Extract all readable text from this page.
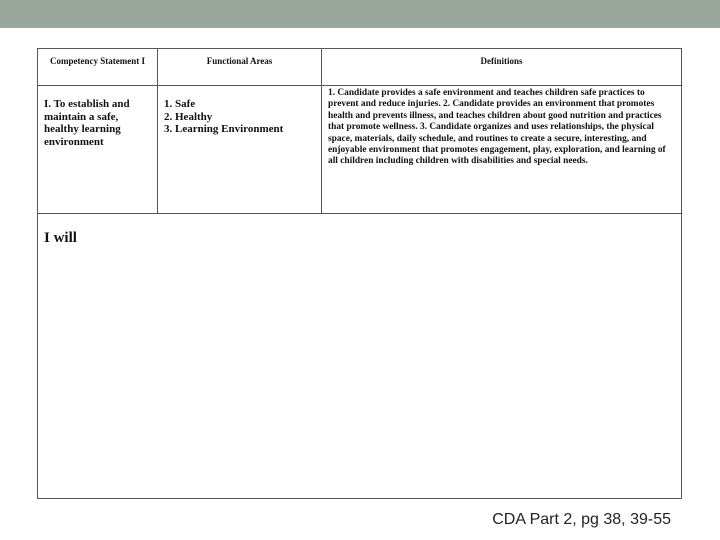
Competency Statement I	Functional Areas	Definitions
I. To establish and maintain a safe, healthy learning environment
1. Safe
2. Healthy
3. Learning Environment

1. Candidate provides a safe environment and teaches children safe practices to prevent and reduce injuries. 2. Candidate provides an environment that promotes health and prevents illness, and teaches children about good nutrition and practices that promote wellness. 3. Candidate organizes and uses relationships, the physical space, materials, daily schedule, and routines to create a secure, interesting, and enjoyable environment that promotes engagement, play, exploration, and learning of all children including children with disabilities and special needs.

I will
CDA Part 2, pg 38, 39-55
